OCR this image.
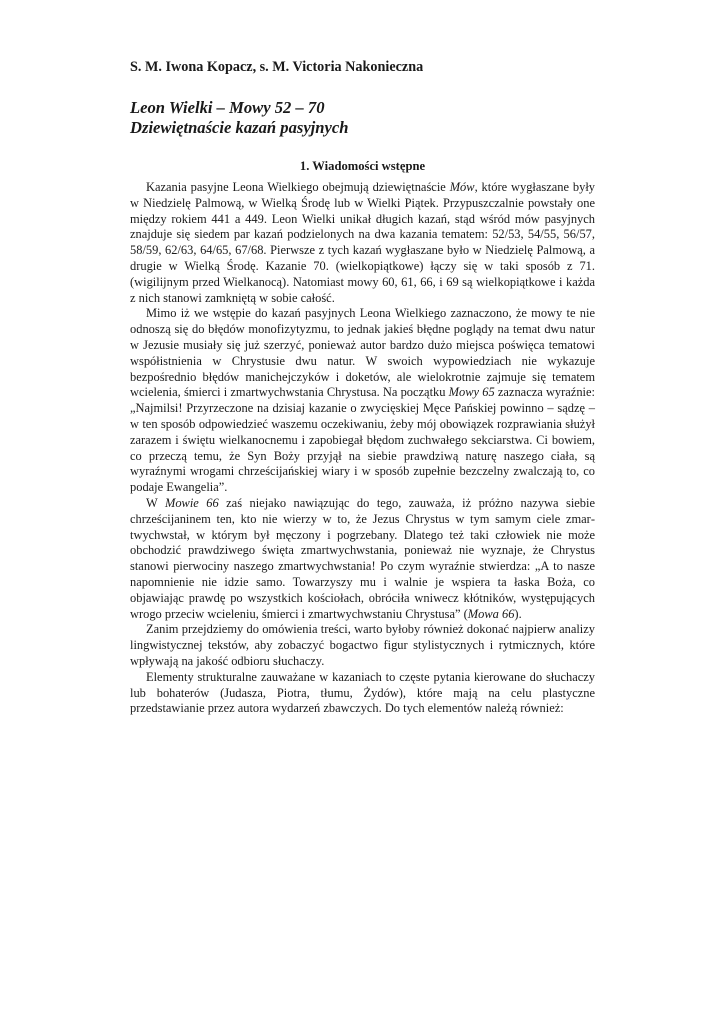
S. M. Iwona Kopacz, s. M. Victoria Nakonieczna
Leon Wielki – Mowy 52 – 70
Dziewiętnaście kazań pasyjnych
1. Wiadomości wstępne

Kazania pasyjne Leona Wielkiego obejmują dziewiętnaście Mów, które wygłaszane były w Niedzielę Palmową, w Wielką Środę lub w Wielki Piątek. Przypuszczalnie powstały one między rokiem 441 a 449. Leon Wielki unikał długich kazań, stąd wśród mów pasyjnych znajduje się siedem par kazań podzielonych na dwa kazania tematem: 52/53, 54/55, 56/57, 58/59, 62/63, 64/65, 67/68. Pierwsze z tych kazań wygłaszane było w Niedzielę Palmową, a drugie w Wielką Środę. Kazanie 70. (wielkopiątkowe) łączy się w taki sposób z 71. (wigilijnym przed Wielkanocą). Natomiast mowy 60, 61, 66, i 69 są wielkopiątkowe i każda z nich stanowi zamkniętą w sobie całość.

Mimo iż we wstępie do kazań pasyjnych Leona Wielkiego zaznaczono, że mowy te nie odnoszą się do błędów monofizytyzmu, to jednak jakieś błędne poglądy na temat dwu natur w Jezusie musiały się już szerzyć, ponieważ autor bardzo dużo miejsca poświęca tematowi współistnienia w Chrystusie dwu natur. W swoich wypowiedziach nie wykazuje bezpośrednio błędów manichejczyków i doketów, ale wielokrotnie zajmuje się tematem wcielenia, śmierci i zmartwychwstania Chrystusa. Na początku Mowy 65 zaznacza wyraźnie: „Najmilsi! Przyrzeczone na dzisiaj kazanie o zwycięskiej Męce Pańskiej powinno – sądzę – w ten sposób odpowiedzieć waszemu oczekiwaniu, żeby mój obowiązek rozprawiania służył zarazem i świętu wielkanocnemu i zapobiegał błędom zuchwałego sekciarstwa. Ci bowiem, co przeczą temu, że Syn Boży przyjął na siebie prawdziwą naturę naszego ciała, są wyraźnymi wrogami chrześcijańskiej wiary i w sposób zupełnie bezczelny zwalczają to, co podaje Ewangelia”.

W Mowie 66 zaś niejako nawiązując do tego, zauważa, iż próżno nazywa siebie chrześcijaninem ten, kto nie wierzy w to, że Jezus Chrystus w tym samym ciele zmartwychwstał, w którym był męczony i pogrzebany. Dlatego też taki człowiek nie może obchodzić prawdziwego święta zmartwychwstania, ponieważ nie wyznaje, że Chrystus stanowi pierwociny naszego zmartwychwstania! Po czym wyraźnie stwierdza: „A to nasze napomnienie nie idzie samo. Towarzyszy mu i walnie je wspiera ta łaska Boża, co objawiając prawdę po wszystkich kościołach, obróciła wniwecz kłótników, występujących wrogo przeciw wcieleniu, śmierci i zmartwychwstaniu Chrystusa” (Mowa 66).

Zanim przejdziemy do omówienia treści, warto byłoby również dokonać najpierw analizy lingwistycznej tekstów, aby zobaczyć bogactwo figur stylistycznych i rytmicznych, które wpływają na jakość odbioru słuchaczy.

Elementy strukturalne zauważane w kazaniach to częste pytania kierowane do słuchaczy lub bohaterów (Judasza, Piotra, tłumu, Żydów), które mają na celu plastyczne przedstawianie przez autora wydarzeń zbawczych. Do tych elementów należą również:
